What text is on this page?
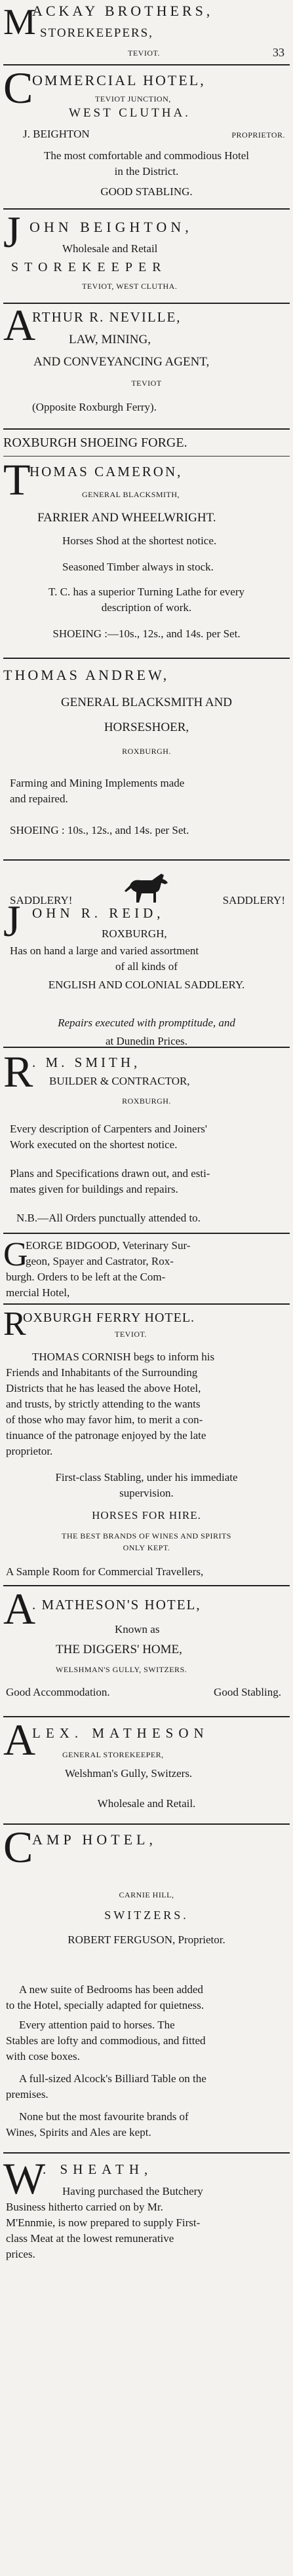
M
ACKAY BROTHERS,
STOREKEEPERS,
TEVIOT.	33
C
OMMERCIAL HOTEL,
TEVIOT JUNCTION,
WEST CLUTHA.
J. BEIGHTON	PROPRIETOR.
The most comfortable and commodious Hotel
in the District.
GOOD STABLING.
J OHN BEIGHTON,
Wholesale and Retail
STOREKEEPER
TEVIOT, WEST CLUTHA.
A
RTHUR R. NEVILLE,
LAW, MINING,
AND CONVEYANCING AGENT,
TEVIOT
(Opposite Roxburgh Ferry).
ROXBURGH SHOEING FORGE.
T
HOMAS CAMERON,
GENERAL BLACKSMITH,
FARRIER AND WHEELWRIGHT.
Horses Shod at the shortest notice.
Seasoned Timber always in stock.
T. C. has a superior Turning Lathe for every
description of work.
SHOEING :—10s., 12s., and 14s. per Set.
THOMAS ANDREW,
GENERAL BLACKSMITH AND
HORSESHOER,
ROXBURGH.
Farming and Mining Implements made
and repaired.
SHOEING : 10s., 12s., and 14s. per Set.
SADDLERY!	SADDLERY!
J OHN R. REID,
ROXBURGH,
Has on hand a large and varied assortment
of all kinds of
ENGLISH AND COLONIAL SADDLERY.
Repairs executed with promptitude, and
at Dunedin Prices.
R
. M. SMITH,
BUILDER & CONTRACTOR,
ROXBURGH.
Every description of Carpenters and Joiners'
Work executed on the shortest notice.
Plans and Specifications drawn out, and esti-
mates given for buildings and repairs.
N.B.—All Orders punctually attended to.
G
EORGE BIDGOOD, Veterinary Sur-
geon, Spayer and Castrator, Rox-
burgh. Orders to be left at the Com-
mercial Hotel,
R
OXBURGH FERRY HOTEL.
TEVIOT.
THOMAS CORNISH begs to inform his
Friends and Inhabitants of the Surrounding
Districts that he has leased the above Hotel,
and trusts, by strictly attending to the wants
of those who may favor him, to merit a con-
tinuance of the patronage enjoyed by the late
proprietor.
First-class Stabling, under his immediate
supervision.
HORSES FOR HIRE.
THE BEST BRANDS OF WINES AND SPIRITS
ONLY KEPT.
A Sample Room for Commercial Travellers,
A
. MATHESON'S HOTEL,
Known as
THE DIGGERS' HOME,
WELSHMAN'S GULLY, SWITZERS.
Good Accommodation.	Good Stabling.
A
LEX. MATHESON
GENERAL STOREKEEPER,
Welshman's Gully, Switzers.
Wholesale and Retail.
C
AMP HOTEL,
CARNIE HILL,
SWITZERS.
ROBERT FERGUSON, Proprietor.
A new suite of Bedrooms has been added
to the Hotel, specially adapted for quietness.
Every attention paid to horses. The
Stables are lofty and commodious, and fitted
with cose boxes.
A full-sized Alcock's Billiard Table on the
premises.
None but the most favourite brands of
Wines, Spirits and Ales are kept.
W
. SHEATH,
Having purchased the Butchery
Business hitherto carried on by Mr.
M'Ennmie, is now prepared to supply First-
class Meat at the lowest remunerative
prices.
